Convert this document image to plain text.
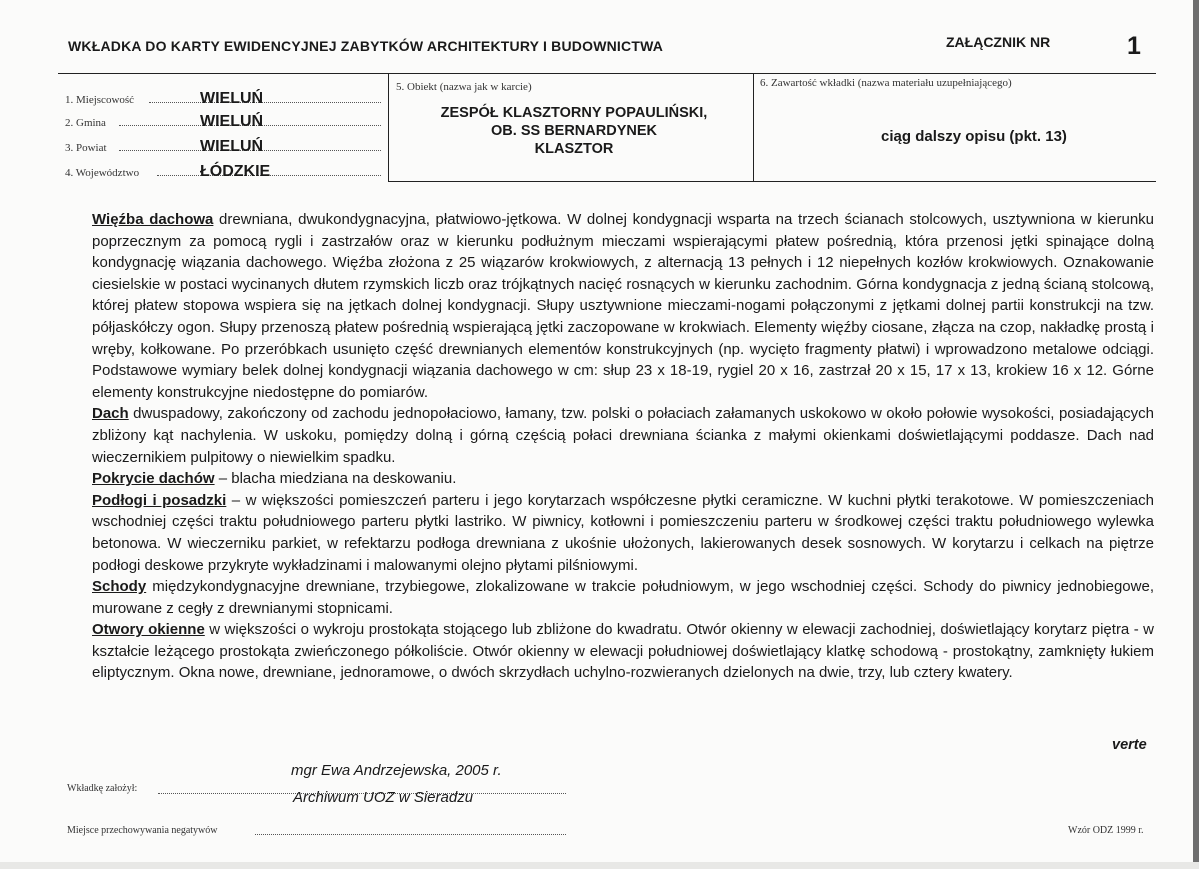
WKŁADKA DO KARTY EWIDENCYJNEJ ZABYTKÓW ARCHITEKTURY I BUDOWNICTWA	ZAŁĄCZNIK NR	1
1. Miejscowość	WIELUŃ
2. Gmina	WIELUŃ
3. Powiat	WIELUŃ
4. Województwo	ŁÓDZKIE
5. Obiekt (nazwa jak w karcie)
ZESPÓŁ KLASZTORNY POPAULIŃSKI,
OB. SS BERNARDYNEK
KLASZTOR
6. Zawartość wkładki (nazwa materiału uzupełniającego)
ciąg dalszy opisu (pkt. 13)

Więźba dachowa drewniana, dwukondygnacyjna, płatwiowo-jętkowa. W dolnej kondygnacji wsparta na trzech ścianach stolcowych, usztywniona w kierunku poprzecznym za pomocą rygli i zastrzałów oraz w kierunku podłużnym mieczami wspierającymi płatew pośrednią, która przenosi jętki spinające dolną kondygnację wiązania dachowego. Więźba złożona z 25 wiązarów krokwiowych, z alternacją 13 pełnych i 12 niepełnych kozłów krokwiowych. Oznakowanie ciesielskie w postaci wycinanych dłutem rzymskich liczb oraz trójkątnych nacięć rosnących w kierunku zachodnim. Górna kondygnacja z jedną ścianą stolcową, której płatew stopowa wspiera się na jętkach dolnej kondygnacji. Słupy usztywnione mieczami-nogami połączonymi z jętkami dolnej partii konstrukcji na tzw. półjaskółczy ogon. Słupy przenoszą płatew pośrednią wspierającą jętki zaczopowane w krokwiach. Elementy więźby ciosane, złącza na czop, nakładkę prostą i wręby, kołkowane. Po przeróbkach usunięto część drewnianych elementów konstrukcyjnych (np. wycięto fragmenty płatwi) i wprowadzono metalowe odciągi. Podstawowe wymiary belek dolnej kondygnacji wiązania dachowego w cm: słup 23 x 18-19, rygiel 20 x 16, zastrzał 20 x 15, 17 x 13, krokiew 16 x 12. Górne elementy konstrukcyjne niedostępne do pomiarów.

Dach dwuspadowy, zakończony od zachodu jednopołaciowo, łamany, tzw. polski o połaciach załamanych uskokowo w około połowie wysokości, posiadających zbliżony kąt nachylenia. W uskoku, pomiędzy dolną i górną częścią połaci drewniana ścianka z małymi okienkami doświetlającymi poddasze. Dach nad wieczernikiem pulpitowy o niewielkim spadku.

Pokrycie dachów – blacha miedziana na deskowaniu.

Podłogi i posadzki – w większości pomieszczeń parteru i jego korytarzach współczesne płytki ceramiczne. W kuchni płytki terakotowe. W pomieszczeniach wschodniej części traktu południowego parteru płytki lastriko. W piwnicy, kotłowni i pomieszczeniu parteru w środkowej części traktu południowego wylewka betonowa. W wieczerniku parkiet, w refektarzu podłoga drewniana z ukośnie ułożonych, lakierowanych desek sosnowych. W korytarzu i celkach na piętrze podłogi deskowe przykryte wykładzinami i malowanymi olejno płytami pilśniowymi.

Schody międzykondygnacyjne drewniane, trzybiegowe, zlokalizowane w trakcie południowym, w jego wschodniej części. Schody do piwnicy jednobiegowe, murowane z cegły z drewnianymi stopnicami.

Otwory okienne w większości o wykroju prostokąta stojącego lub zbliżone do kwadratu. Otwór okienny w elewacji zachodniej, doświetlający korytarz piętra - w kształcie leżącego prostokąta zwieńczonego półkoliście. Otwór okienny w elewacji południowej doświetlający klatkę schodową - prostokątny, zamknięty łukiem eliptycznym. Okna nowe, drewniane, jednoramowe, o dwóch skrzydłach uchylno-rozwieranych dzielonych na dwie, trzy, lub cztery kwatery.

verte
mgr Ewa Andrzejewska, 2005 r.
Wkładkę założył:
Archiwum UOZ w Sieradzu
Miejsce przechowywania negatywów	Wzór ODZ 1999 r.
